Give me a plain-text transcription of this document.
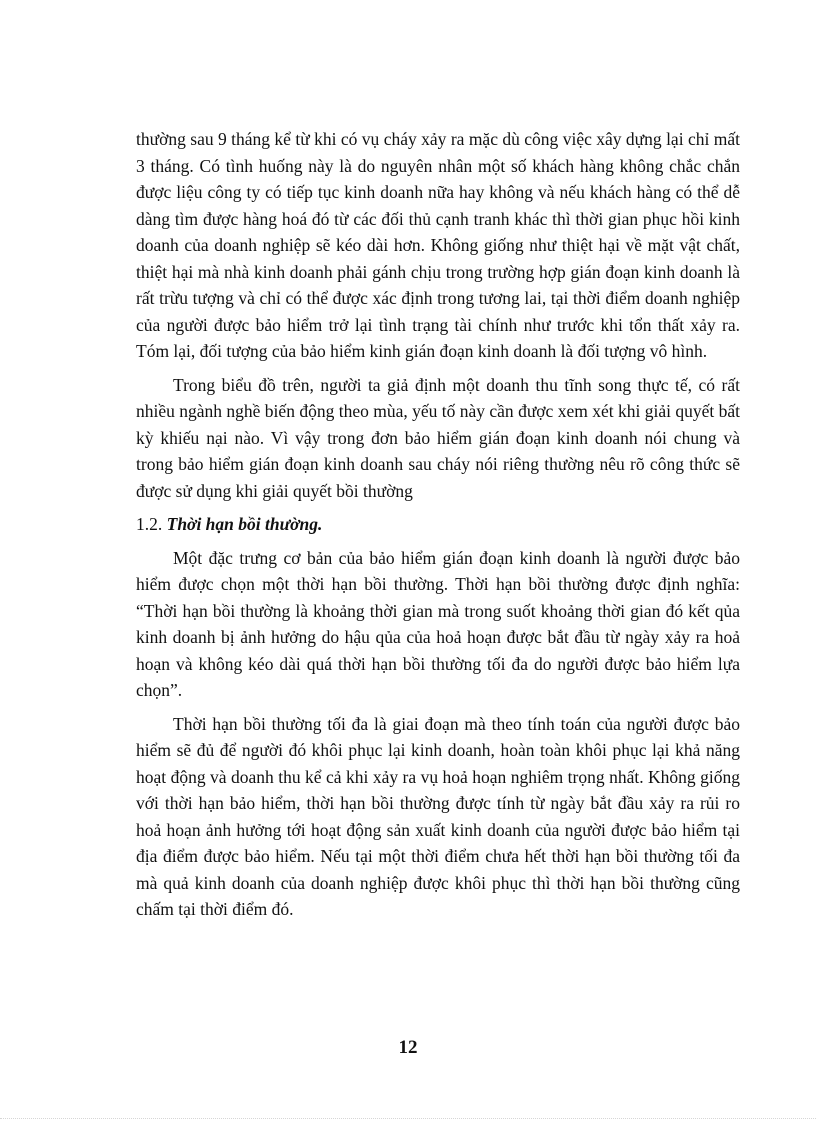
thường sau 9 tháng kể từ khi có vụ cháy xảy ra mặc dù công việc xây dựng lại chỉ mất 3 tháng. Có tình huống này là do nguyên nhân một số khách hàng không chắc chắn được liệu công ty có tiếp tục kinh doanh nữa hay không và nếu khách hàng có thể dễ dàng tìm được hàng hoá đó từ các đối thủ cạnh tranh khác thì thời gian phục hồi kinh doanh của doanh nghiệp sẽ kéo dài hơn. Không giống như thiệt hại về mặt vật chất, thiệt hại mà nhà kinh doanh phải gánh chịu trong trường hợp gián đoạn kinh doanh là rất trừu tượng và chỉ có thể được xác định trong tương lai, tại thời điểm doanh nghiệp của người được bảo hiểm trở lại tình trạng tài chính như trước khi tổn thất xảy ra. Tóm lại, đối tượng của bảo hiểm kinh gián đoạn kinh doanh là đối tượng vô hình.

Trong biểu đồ trên, người ta giả định một doanh thu tĩnh song thực tế, có rất nhiều ngành nghề biến động theo mùa, yếu tố này cần được xem xét khi giải quyết bất kỳ khiếu nại nào. Vì vậy trong đơn bảo hiểm gián đoạn kinh doanh nói chung và trong bảo hiểm gián đoạn kinh doanh sau cháy nói riêng thường nêu rõ công thức sẽ được sử dụng khi giải quyết bồi thường

1.2. Thời hạn bồi thường.

Một đặc trưng cơ bản của bảo hiểm gián đoạn kinh doanh là người được bảo hiểm được chọn một thời hạn bồi thường. Thời hạn bồi thường được định nghĩa: “Thời hạn bồi thường là khoảng thời gian mà trong suốt khoảng thời gian đó kết qủa kinh doanh bị ảnh hưởng do hậu qủa của hoả hoạn được bắt đầu từ ngày xảy ra hoả hoạn và không kéo dài quá thời hạn bồi thường tối đa do người được bảo hiểm lựa chọn”.

Thời hạn bồi thường tối đa là giai đoạn mà theo tính toán của người được bảo hiểm sẽ đủ để người đó khôi phục lại kinh doanh, hoàn toàn khôi phục lại khả năng hoạt động và doanh thu kể cả khi xảy ra vụ hoả hoạn nghiêm trọng nhất. Không giống với thời hạn bảo hiểm, thời hạn bồi thường được tính từ ngày bắt đầu xảy ra rủi ro hoả hoạn ảnh hưởng tới hoạt động sản xuất kinh doanh của người được bảo hiểm tại địa điểm được bảo hiểm. Nếu tại một thời điểm chưa hết thời hạn bồi thường tối đa mà quả kinh doanh của doanh nghiệp được khôi phục thì thời hạn bồi thường cũng chấm tại thời điểm đó.

12
